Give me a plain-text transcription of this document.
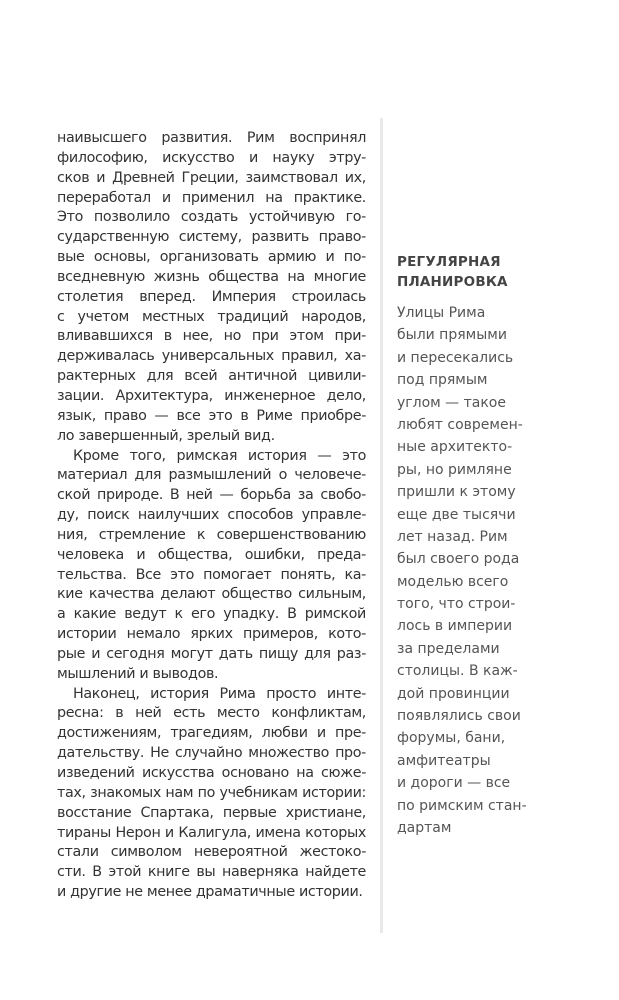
наивысшего развития. Рим воспринял
философию, искусство и науку этру-
сков и Древней Греции, заимствовал их,
переработал и применил на практике.
Это позволило создать устойчивую го-
сударственную систему, развить право-
вые основы, организовать армию и по-
вседневную жизнь общества на многие
столетия вперед. Империя строилась
с учетом местных традиций народов,
вливавшихся в нее, но при этом при-
держивалась универсальных правил, ха-
рактерных для всей античной цивили-
зации. Архитектура, инженерное дело,
язык, право — все это в Риме приобре-
ло завершенный, зрелый вид.
Кроме того, римская история — это
материал для размышлений о человече-
ской природе. В ней — борьба за свобо-
ду, поиск наилучших способов управле-
ния, стремление к совершенствованию
человека и общества, ошибки, преда-
тельства. Все это помогает понять, ка-
кие качества делают общество сильным,
а какие ведут к его упадку. В римской
истории немало ярких примеров, кото-
рые и сегодня могут дать пищу для раз-
мышлений и выводов.
Наконец, история Рима просто инте-
ресна: в ней есть место конфликтам,
достижениям, трагедиям, любви и пре-
дательству. Не случайно множество про-
изведений искусства основано на сюже-
тах, знакомых нам по учебникам истории:
восстание Спартака, первые христиане,
тираны Нерон и Калигула, имена которых
стали символом невероятной жестоко-
сти. В этой книге вы наверняка найдете
и другие не менее драматичные истории.
РЕГУЛЯРНАЯ
ПЛАНИРОВКА
Улицы Рима
были прямыми
и пересекались
под прямым
углом — такое
любят современ-
ные архитекто-
ры, но римляне
пришли к этому
еще две тысячи
лет назад. Рим
был своего рода
моделью всего
того, что строи-
лось в империи
за пределами
столицы. В каж-
дой провинции
появлялись свои
форумы, бани,
амфитеатры
и дороги — все
по римским стан-
дартам
